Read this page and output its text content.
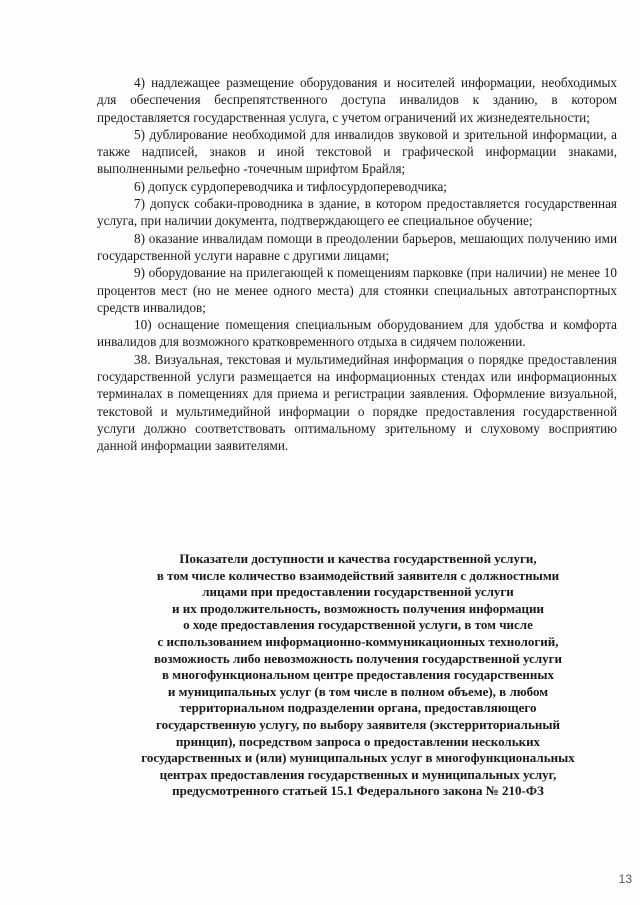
4) надлежащее размещение оборудования и носителей информации, необходимых для обеспечения беспрепятственного доступа инвалидов к зданию, в котором предоставляется государственная услуга, с учетом ограничений их жизнедеятельности;

5) дублирование необходимой для инвалидов звуковой и зрительной информации, а также надписей, знаков и иной текстовой и графической информации знаками, выполненными рельефно -точечным шрифтом Брайля;

6) допуск сурдопереводчика и тифлосурдопереводчика;

7) допуск собаки-проводника в здание, в котором предоставляется государственная услуга, при наличии документа, подтверждающего ее специальное обучение;

8) оказание инвалидам помощи в преодолении барьеров, мешающих получению ими государственной услуги наравне с другими лицами;

9) оборудование на прилегающей к помещениям парковке (при наличии) не менее 10 процентов мест (но не менее одного места) для стоянки специальных автотранспортных средств инвалидов;

10) оснащение помещения специальным оборудованием для удобства и комфорта инвалидов для возможного кратковременного отдыха в сидячем положении.

38. Визуальная, текстовая и мультимедийная информация о порядке предоставления государственной услуги размещается на информационных стендах или информационных терминалах в помещениях для приема и регистрации заявления. Оформление визуальной, текстовой и мультимедийной информации о порядке предоставления государственной услуги должно соответствовать оптимальному зрительному и слуховому восприятию данной информации заявителями.

Показатели доступности и качества государственной услуги,
в том числе количество взаимодействий заявителя с должностными
лицами при предоставлении государственной услуги
и их продолжительность, возможность получения информации
о ходе предоставления государственной услуги, в том числе
с использованием информационно-коммуникационных технологий,
возможность либо невозможность получения государственной услуги
в многофункциональном центре предоставления государственных
и муниципальных услуг (в том числе в полном объеме), в любом
территориальном подразделении органа, предоставляющего
государственную услугу, по выбору заявителя (экстерриториальный
принцип), посредством запроса о предоставлении нескольких
государственных и (или) муниципальных услуг в многофункциональных
центрах предоставления государственных и муниципальных услуг,
предусмотренного статьей 15.1 Федерального закона № 210-ФЗ
13
